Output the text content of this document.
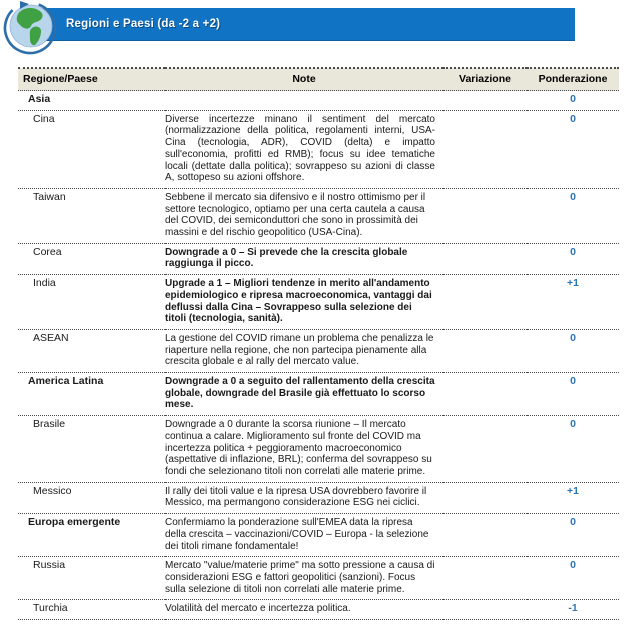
Regioni e Paesi (da -2 a +2)
Regione/Paese	Note	Variazione	Ponderazione
Asia			0
Cina	Diverse incertezze minano il sentiment del mercato (normalizzazione della politica, regolamenti interni, USA-Cina (tecnologia, ADR), COVID (delta) e impatto sull'economia, profitti ed RMB); focus su idee tematiche locali (dettate dalla politica); sovrappeso su azioni di classe A, sottopeso su azioni offshore.		0
Taiwan	Sebbene il mercato sia difensivo e il nostro ottimismo per il settore tecnologico, optiamo per una certa cautela a causa del COVID, dei semiconduttori che sono in prossimità dei massini e del rischio geopolitico (USA-Cina).		0
Corea	Downgrade a 0 – Si prevede che la crescita globale raggiunga il picco.		0
India	Upgrade a 1 – Migliori tendenze in merito all'andamento epidemiologico e ripresa macroeconomica, vantaggi dai deflussi dalla Cina – Sovrappeso sulla selezione dei titoli (tecnologia, sanità).		+1
ASEAN	La gestione del COVID rimane un problema che penalizza le riaperture nella regione, che non partecipa pienamente alla crescita globale e al rally del mercato value.		0
America Latina	Downgrade a 0 a seguito del rallentamento della crescita globale, downgrade del Brasile già effettuato lo scorso mese.		0
Brasile	Downgrade a 0 durante la scorsa riunione – Il mercato continua a calare. Miglioramento sul fronte del COVID ma incertezza politica + peggioramento macroeconomico (aspettative di inflazione, BRL); conferma del sovrappeso su fondi che selezionano titoli non correlati alle materie prime.		0
Messico	Il rally dei titoli value e la ripresa USA dovrebbero favorire il Messico, ma permangono considerazione ESG nei ciclici.		+1
Europa emergente	Confermiamo la ponderazione sull'EMEA data la ripresa della crescita – vaccinazioni/COVID – Europa - la selezione dei titoli rimane fondamentale!		0
Russia	Mercato "value/materie prime" ma sotto pressione a causa di considerazioni ESG e fattori geopolitici (sanzioni). Focus sulla selezione di titoli non correlati alle materie prime.		0
Turchia	Volatilità del mercato e incertezza politica.		-1
